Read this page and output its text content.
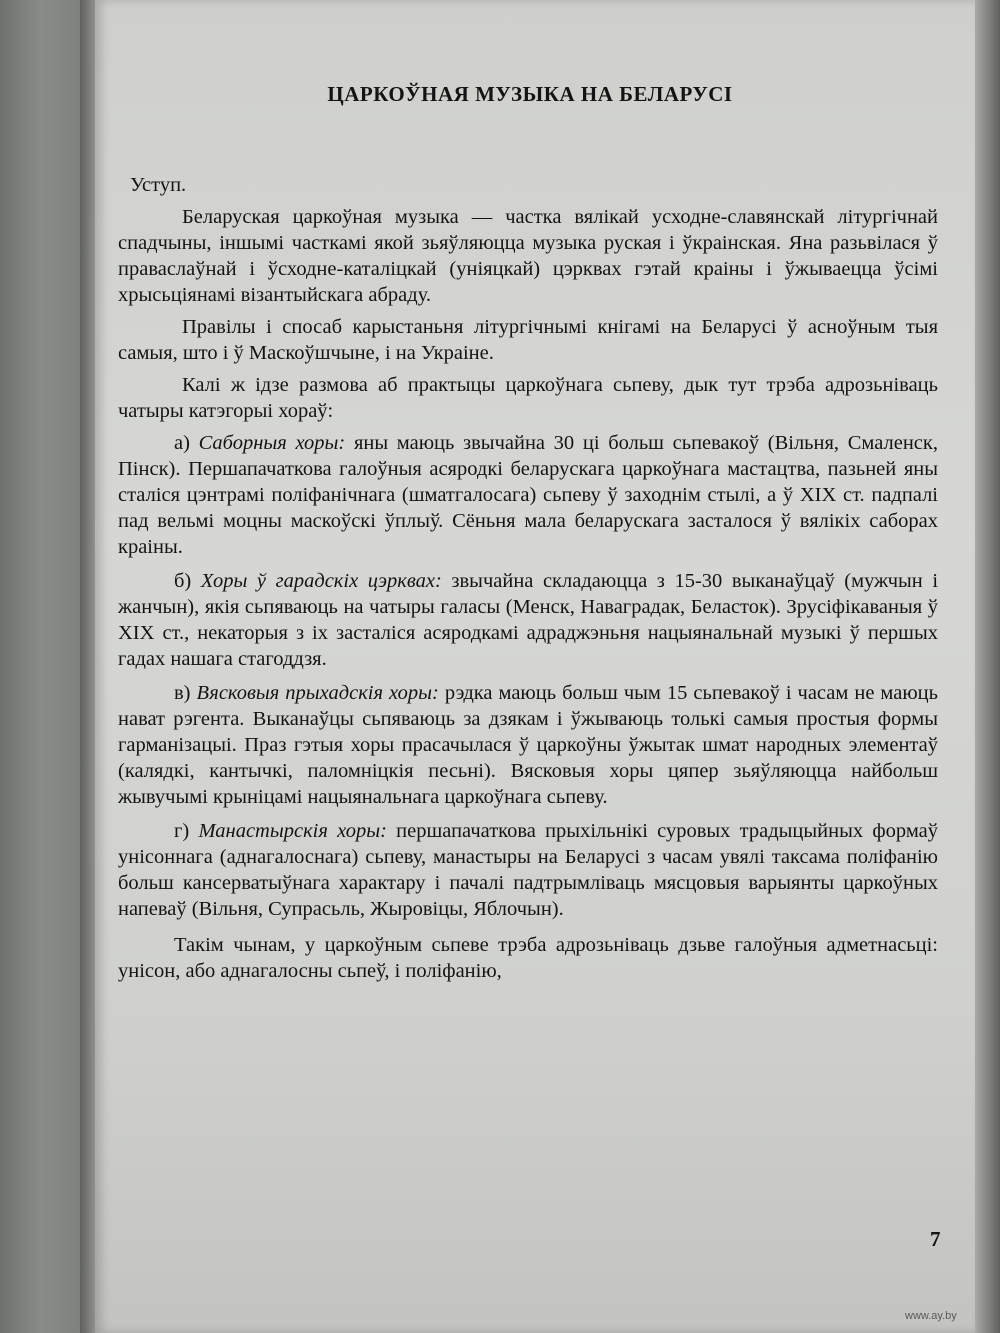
ЦАРКОЎНАЯ МУЗЫКА НА БЕЛАРУСІ
Уступ.

Беларуская царкоўная музыка — частка вялікай усходне-славянскай літургічнай спадчыны, іншымі часткамі якой зьяўляюцца музыка руская і ўкраінская. Яна разьвілася ў праваслаўнай і ўсходне-каталіцкай (уніяцкай) цэрквах гэтай краіны і ўжываецца ўсімі хрысьціянамі візантыйскага абраду.

Правілы і спосаб карыстаньня літургічнымі кнігамі на Беларусі ў асноўным тыя самыя, што і ў Маскоўшчыне, і на Украіне.

Калі ж ідзе размова аб практыцы царкоўнага сьпеву, дык тут трэба адрозьніваць чатыры катэгорыі хораў:

а) Саборныя хоры: яны маюць звычайна 30 ці больш сьпевакоў (Вільня, Смаленск, Пінск). Першапачаткова галоўныя асяродкі беларускага царкоўнага мастацтва, пазьней яны сталіся цэнтрамі поліфанічнага (шматгалосага) сьпеву ў заходнім стылі, а ў XIX ст. падпалі пад вельмі моцны маскоўскі ўплыў. Сёньня мала беларускага засталося ў вялікіх саборах краіны.

б) Хоры ў гарадскіх цэрквах: звычайна складаюцца з 15-30 выканаўцаў (мужчын і жанчын), якія сьпяваюць на чатыры галасы (Менск, Наваградак, Беласток). Зрусіфікаваныя ў XIX ст., некаторыя з іх засталіся асяродкамі адраджэньня нацыянальнай музыкі ў першых гадах нашага стагоддзя.

в) Вясковыя прыхадскія хоры: рэдка маюць больш чым 15 сьпевакоў і часам не маюць нават рэгента. Выканаўцы сьпяваюць за дзякам і ўжываюць толькі самыя простыя формы гарманізацыі. Праз гэтыя хоры прасачылася ў царкоўны ўжытак шмат народных элементаў (калядкі, кантычкі, паломніцкія песьні). Вясковыя хоры цяпер зьяўляюцца найбольш жывучымі крыніцамі нацыянальнага царкоўнага сьпеву.

г) Манастырскія хоры: першапачаткова прыхільнікі суровых традыцыйных формаў унісоннага (аднагалоснага) сьпеву, манастыры на Беларусі з часам увялі таксама поліфанію больш кансерватыўнага характару і пачалі падтрымліваць мясцовыя варыянты царкоўных напеваў (Вільня, Супрасьль, Жыровіцы, Яблочын).

Такім чынам, у царкоўным сьпеве трэба адрозьніваць дзьве галоўныя адметнасьці: унісон, або аднагалосны сьпеў, і поліфанію,

7
www.ay.by
